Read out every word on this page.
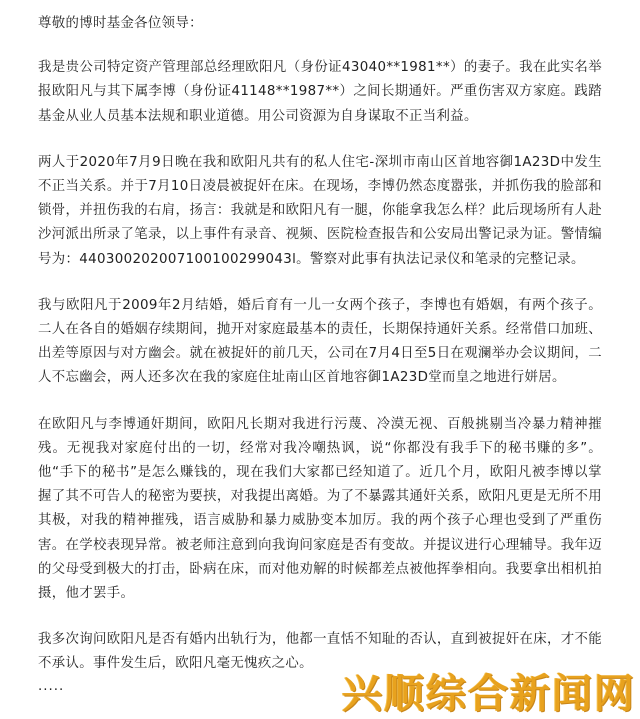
尊敬的博时基金各位领导：

我是贵公司特定资产管理部总经理欧阳凡（身份证43040**1981**）的妻子。我在此实名举报欧阳凡与其下属李博（身份证41148**1987**）之间长期通奸。严重伤害双方家庭。践踏基金从业人员基本法规和职业道德。用公司资源为自身谋取不正当利益。

两人于2020年7月9日晚在我和欧阳凡共有的私人住宅-深圳市南山区首地容御1A23D中发生不正当关系。并于7月10日凌晨被捉奸在床。在现场，李博仍然态度嚣张，并抓伤我的脸部和锁骨，并扭伤我的右肩，扬言：我就是和欧阳凡有一腿，你能拿我怎么样？此后现场所有人赴沙河派出所录了笔录，以上事件有录音、视频、医院检查报告和公安局出警记录为证。警情编号为：440300202007100100299043l。警察对此事有执法记录仪和笔录的完整记录。

我与欧阳凡于2009年2月结婚，婚后育有一儿一女两个孩子，李博也有婚姻，有两个孩子。二人在各自的婚姻存续期间，抛开对家庭最基本的责任，长期保持通奸关系。经常借口加班、出差等原因与对方幽会。就在被捉奸的前几天，公司在7月4日至5日在观澜举办会议期间，二人不忘幽会，两人还多次在我的家庭住址南山区首地容御1A23D堂而皇之地进行姘居。

在欧阳凡与李博通奸期间，欧阳凡长期对我进行污蔑、冷漠无视、百般挑剔当冷暴力精神摧残。无视我对家庭付出的一切，经常对我冷嘲热讽，说“你都没有我手下的秘书赚的多”。他“手下的秘书”是怎么赚钱的，现在我们大家都已经知道了。近几个月，欧阳凡被李博以掌握了其不可告人的秘密为要挟，对我提出离婚。为了不暴露其通奸关系，欧阳凡更是无所不用其极，对我的精神摧残，语言威胁和暴力威胁变本加厉。我的两个孩子心理也受到了严重伤害。在学校表现异常。被老师注意到向我询问家庭是否有变故。并提议进行心理辅导。我年迈的父母受到极大的打击，卧病在床，而对他劝解的时候都差点被他挥拳相向。我要拿出相机拍摄，他才罢手。

我多次询问欧阳凡是否有婚内出轨行为，他都一直恬不知耻的否认，直到被捉奸在床，才不能不承认。事件发生后，欧阳凡毫无愧疚之心。

.....	兴顺综合新闻网
